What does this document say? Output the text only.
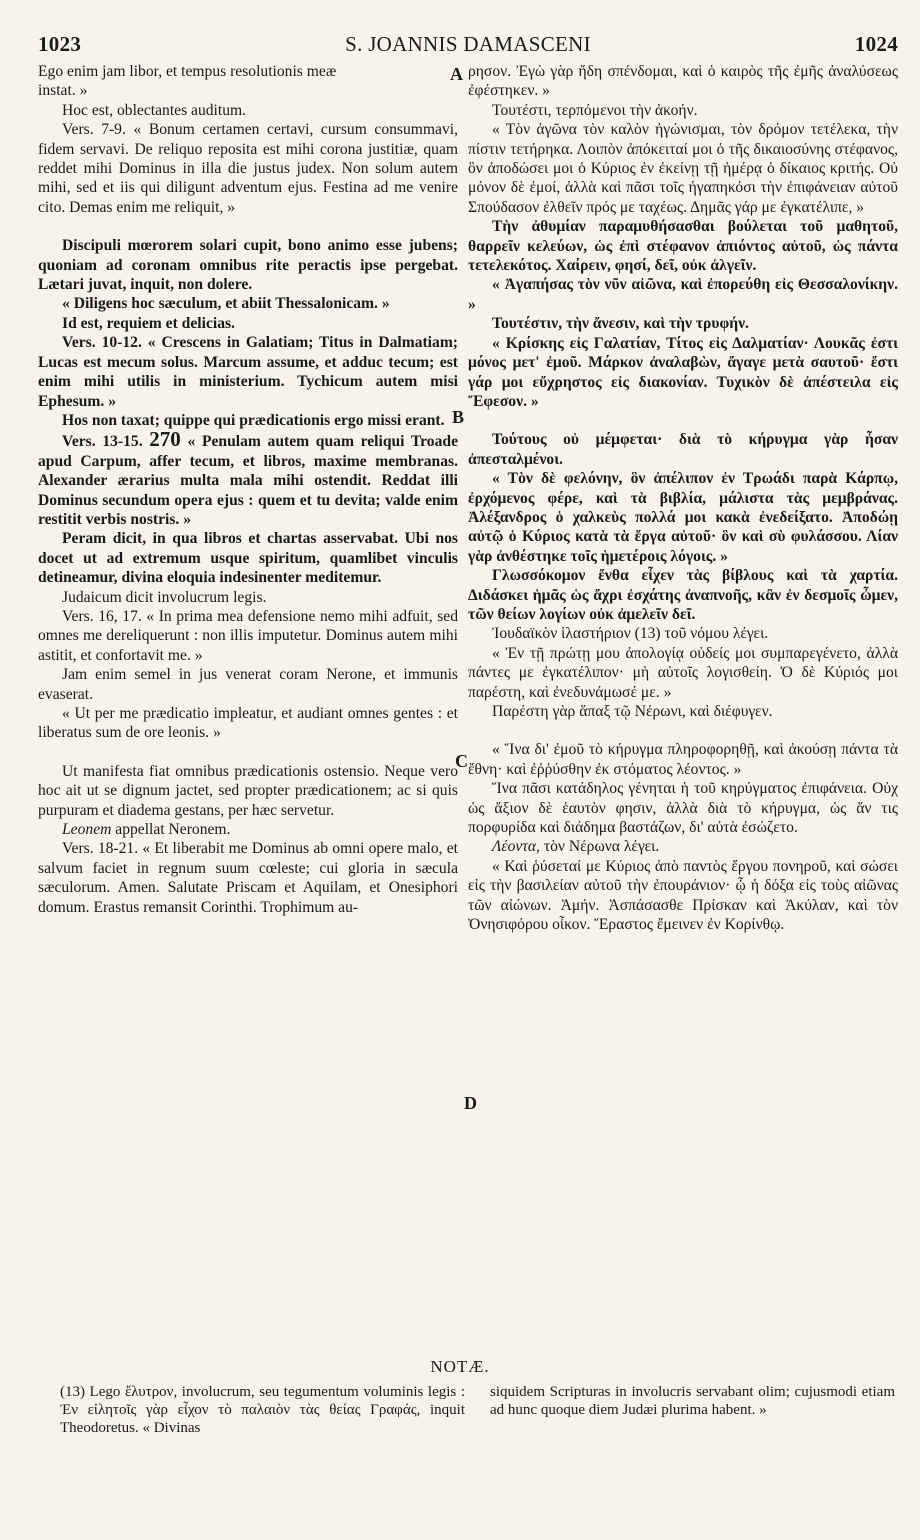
1023	S. JOANNIS DAMASCENI	1024
A
B
C
D

Ego enim jam libor, et tempus resolutionis meæ

instat. »

Hoc est, oblectantes auditum.

Vers. 7-9. « Bonum certamen certavi, cursum consummavi, fidem servavi. De reliquo reposita est mihi corona justitiæ, quam reddet mihi Dominus in illa die justus judex. Non solum autem mihi, sed et iis qui diligunt adventum ejus. Festina ad me venire cito. Demas enim me reliquit, »

Discipuli mœrorem solari cupit, bono animo esse jubens; quoniam ad coronam omnibus rite peractis ipse pergebat. Lætari juvat, inquit, non dolere.

« Diligens hoc sæculum, et abiit Thessalonicam. »

Id est, requiem et delicias.

Vers. 10-12. « Crescens in Galatiam; Titus in Dalmatiam; Lucas est mecum solus. Marcum assume, et adduc tecum; est enim mihi utilis in ministerium. Tychicum autem misi Ephesum. »

Hos non taxat; quippe qui prædicationis ergo missi erant.

Vers. 13-15. 270 « Penulam autem quam reliqui Troade apud Carpum, affer tecum, et libros, maxime membranas. Alexander ærarius multa mala mihi ostendit. Reddat illi Dominus secundum opera ejus : quem et tu devita; valde enim restitit verbis nostris. »

Peram dicit, in qua libros et chartas asservabat. Ubi nos docet ut ad extremum usque spiritum, quamlibet vinculis detineamur, divina eloquia indesinenter meditemur.

Judaicum dicit involucrum legis.

Vers. 16, 17. « In prima mea defensione nemo mihi adfuit, sed omnes me dereliquerunt : non illis imputetur. Dominus autem mihi astitit, et confortavit me. »

Jam enim semel in jus venerat coram Nerone, et immunis evaserat.

« Ut per me prædicatio impleatur, et audiant omnes gentes : et liberatus sum de ore leonis. »

Ut manifesta fiat omnibus prædicationis ostensio. Neque vero hoc ait ut se dignum jactet, sed propter prædicationem; ac si quis purpuram et diadema gestans, per hæc servetur.

Leonem appellat Neronem.

Vers. 18-21. « Et liberabit me Dominus ab omni opere malo, et salvum faciet in regnum suum cœleste; cui gloria in sæcula sæculorum. Amen. Salutate Priscam et Aquilam, et Onesiphori domum. Erastus remansit Corinthi. Trophimum au-

ρησον. Ἐγὼ γὰρ ἤδη σπένδομαι, καὶ ὁ καιρὸς τῆς ἐμῆς ἀναλύσεως ἐφέστηκεν. »

Τουτέστι, τερπόμενοι τὴν ἀκοήν.

« Τὸν ἀγῶνα τὸν καλὸν ἠγώνισμαι, τὸν δρόμον τετέλεκα, τὴν πίστιν τετήρηκα. Λοιπὸν ἀπόκειταί μοι ὁ τῆς δικαιοσύνης στέφανος, ὃν ἀποδώσει μοι ὁ Κύριος ἐν ἐκείνῃ τῇ ἡμέρᾳ ὁ δίκαιος κριτής. Οὐ μόνον δὲ ἐμοί, ἀλλὰ καὶ πᾶσι τοῖς ἠγαπηκόσι τὴν ἐπιφάνειαν αὐτοῦ Σπούδασον ἐλθεῖν πρός με ταχέως. Δημᾶς γάρ με ἐγκατέλιπε, »

Τὴν ἀθυμίαν παραμυθήσασθαι βούλεται τοῦ μαθητοῦ, θαρρεῖν κελεύων, ὡς ἐπὶ στέφανον ἀπιόντος αὐτοῦ, ὡς πάντα τετελεκότος. Χαίρειν, φησί, δεῖ, οὐκ ἀλγεῖν.

« Ἀγαπήσας τὸν νῦν αἰῶνα, καὶ ἐπορεύθη εἰς Θεσσαλονίκην. »

Τουτέστιν, τὴν ἄνεσιν, καὶ τὴν τρυφήν.

« Κρίσκης εἰς Γαλατίαν, Τίτος εἰς Δαλματίαν· Λουκᾶς ἐστι μόνος μετ' ἐμοῦ. Μάρκον ἀναλαβὼν, ἄγαγε μετὰ σαυτοῦ· ἔστι γάρ μοι εὔχρηστος εἰς διακονίαν. Τυχικὸν δὲ ἀπέστειλα εἰς Ἔφεσον. »

Τούτους οὐ μέμφεται· διὰ τὸ κήρυγμα γὰρ ἦσαν ἀπεσταλμένοι.

« Τὸν δὲ φελόνην, ὃν ἀπέλιπον ἐν Τρωάδι παρὰ Κάρπῳ, ἐρχόμενος φέρε, καὶ τὰ βιβλία, μάλιστα τὰς μεμβράνας. Ἀλέξανδρος ὁ χαλκεὺς πολλά μοι κακὰ ἐνεδείξατο. Ἀποδώῃ αὐτῷ ὁ Κύριος κατὰ τὰ ἔργα αὐτοῦ· ὃν καὶ σὺ φυλάσσου. Λίαν γὰρ ἀνθέστηκε τοῖς ἡμετέροις λόγοις. »

Γλωσσόκομον ἔνθα εἶχεν τὰς βίβλους καὶ τὰ χαρτία. Διδάσκει ἡμᾶς ὡς ἄχρι ἐσχάτης ἀναπνοῆς, κἂν ἐν δεσμοῖς ὦμεν, τῶν θείων λογίων οὐκ ἀμελεῖν δεῖ.

Ἰουδαϊκὸν ἱλαστήριον (13) τοῦ νόμου λέγει.

« Ἐν τῇ πρώτῃ μου ἀπολογίᾳ οὐδείς μοι συμπαρεγένετο, ἀλλὰ πάντες με ἐγκατέλιπον· μὴ αὐτοῖς λογισθείη. Ὁ δὲ Κύριός μοι παρέστη, καὶ ἐνεδυνάμωσέ με. »

Παρέστη γὰρ ἅπαξ τῷ Νέρωνι, καὶ διέφυγεν.

« Ἵνα δι' ἐμοῦ τὸ κήρυγμα πληροφορηθῇ, καὶ ἀκούσῃ πάντα τὰ ἔθνη· καὶ ἐῤῥύσθην ἐκ στόματος λέοντος. »

Ἵνα πᾶσι κατάδηλος γένηται ἡ τοῦ κηρύγματος ἐπιφάνεια. Οὐχ ὡς ἄξιον δὲ ἑαυτὸν φησιν, ἀλλὰ διὰ τὸ κήρυγμα, ὡς ἄν τις πορφυρίδα καὶ διάδημα βαστάζων, δι' αὐτὰ ἐσώζετο.

Λέοντα, τὸν Νέρωνα λέγει.

« Καὶ ῥύσεταί με Κύριος ἀπὸ παντὸς ἔργου πονηροῦ, καὶ σώσει εἰς τὴν βασιλείαν αὐτοῦ τὴν ἐπουράνιον· ᾧ ἡ δόξα εἰς τοὺς αἰῶνας τῶν αἰώνων. Ἀμήν. Ἀσπάσασθε Πρίσκαν καὶ Ἀκύλαν, καὶ τὸν Ὀνησιφόρου οἶκον. Ἔραστος ἔμεινεν ἐν Κορίνθῳ.

NOTÆ.

(13) Lego ἔλυτρον, involucrum, seu tegumentum voluminis legis : Ἐν εἰλητοῖς γὰρ εἶχον τὸ παλαιὸν τὰς θείας Γραφάς, inquit Theodoretus. « Divinas

siquidem Scripturas in involucris servabant olim; cujusmodi etiam ad hunc quoque diem Judæi plurima habent. »
